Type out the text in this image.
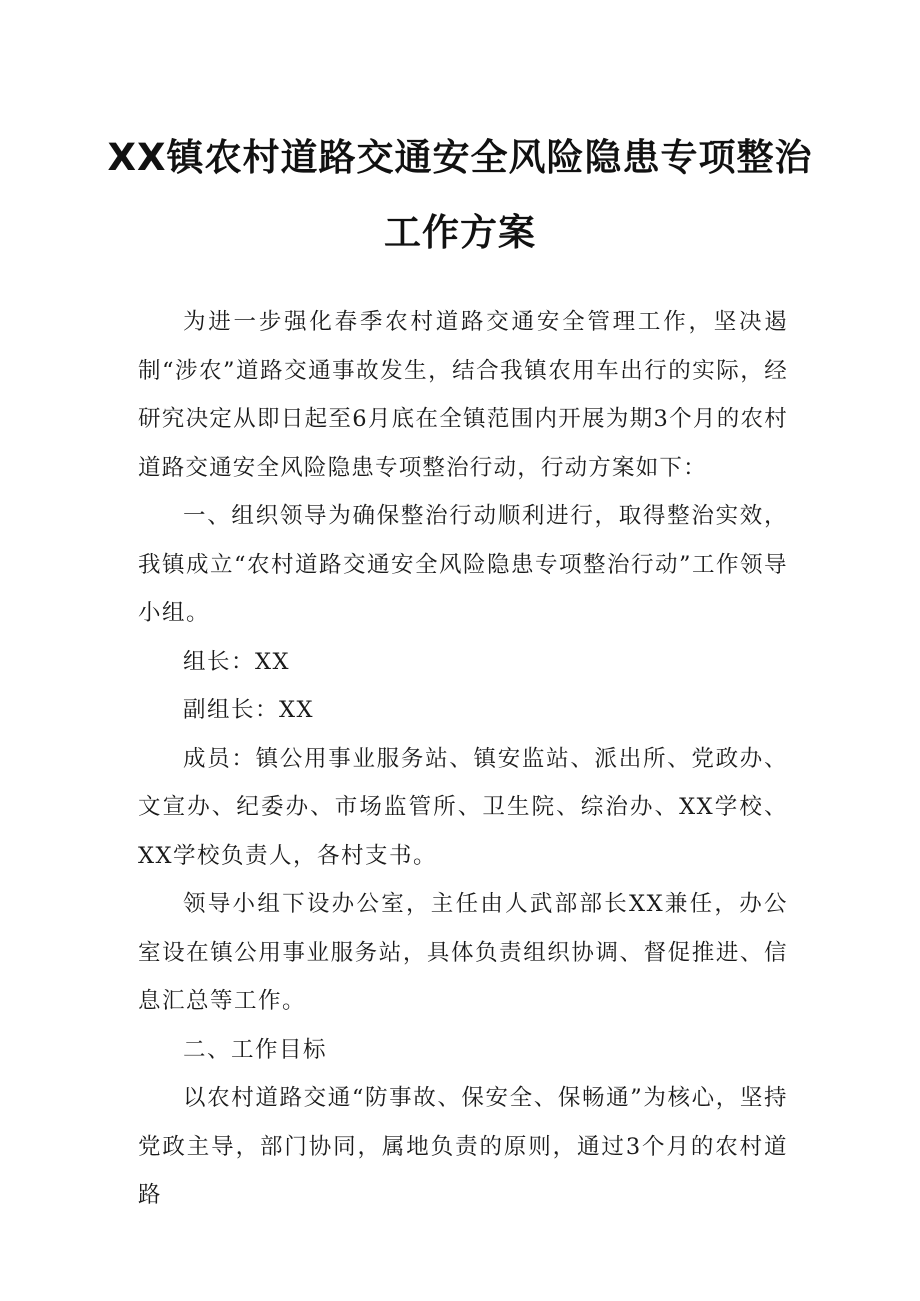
XX镇农村道路交通安全风险隐患专项整治
工作方案

为进一步强化春季农村道路交通安全管理工作，坚决遏制“涉农”道路交通事故发生，结合我镇农用车出行的实际，经研究决定从即日起至6月底在全镇范围内开展为期3个月的农村道路交通安全风险隐患专项整治行动，行动方案如下：

一、组织领导为确保整治行动顺利进行，取得整治实效，我镇成立“农村道路交通安全风险隐患专项整治行动”工作领导小组。

组长：XX

副组长：XX

成员：镇公用事业服务站、镇安监站、派出所、党政办、文宣办、纪委办、市场监管所、卫生院、综治办、XX学校、XX学校负责人，各村支书。

领导小组下设办公室，主任由人武部部长XX兼任，办公室设在镇公用事业服务站，具体负责组织协调、督促推进、信息汇总等工作。

二、工作目标

以农村道路交通“防事故、保安全、保畅通”为核心，坚持党政主导，部门协同，属地负责的原则，通过3个月的农村道路
